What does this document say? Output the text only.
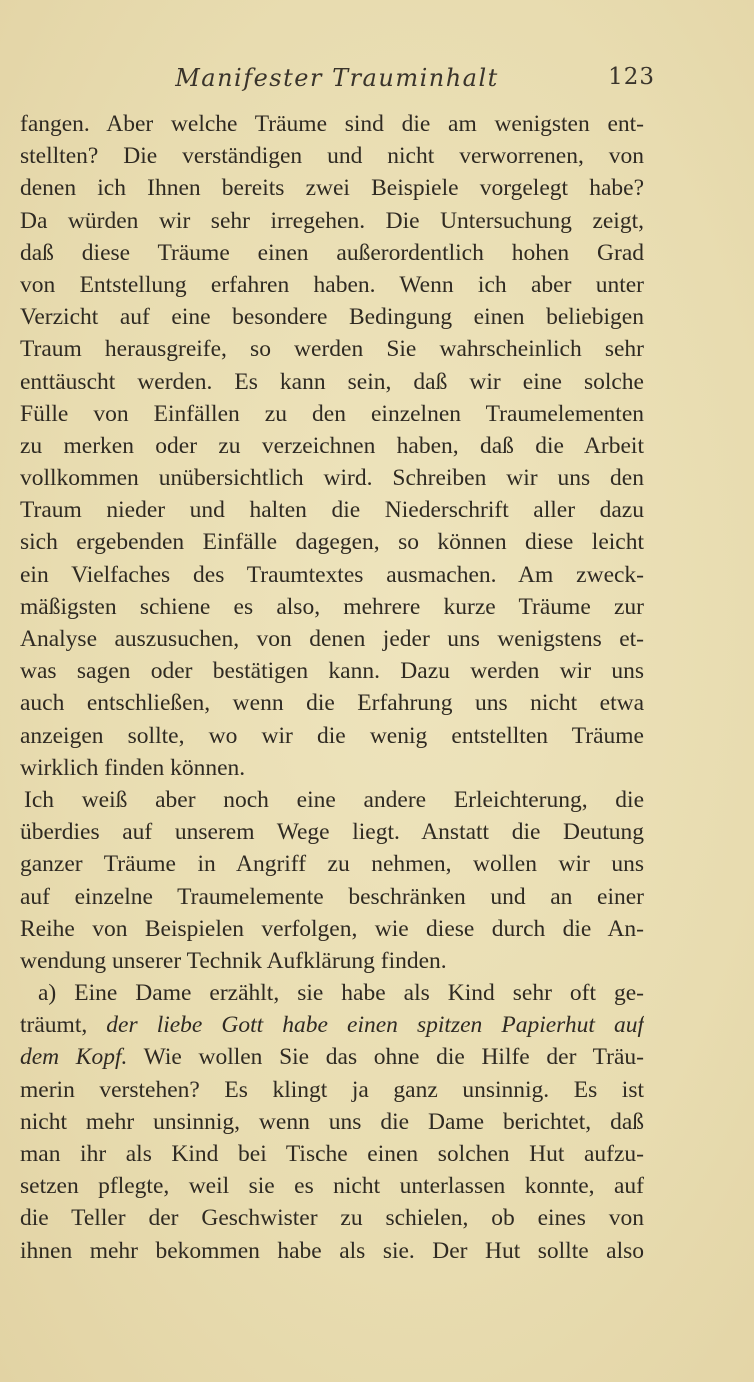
Manifester Trauminhalt	123
fangen. Aber welche Träume sind die am wenigsten ent-
stellten? Die verständigen und nicht verworrenen, von
denen ich Ihnen bereits zwei Beispiele vorgelegt habe?
Da würden wir sehr irregehen. Die Untersuchung zeigt,
daß diese Träume einen außerordentlich hohen Grad
von Entstellung erfahren haben. Wenn ich aber unter
Verzicht auf eine besondere Bedingung einen beliebigen
Traum herausgreife, so werden Sie wahrscheinlich sehr
enttäuscht werden. Es kann sein, daß wir eine solche
Fülle von Einfällen zu den einzelnen Traumelementen
zu merken oder zu verzeichnen haben, daß die Arbeit
vollkommen unübersichtlich wird. Schreiben wir uns den
Traum nieder und halten die Niederschrift aller dazu
sich ergebenden Einfälle dagegen, so können diese leicht
ein Vielfaches des Traumtextes ausmachen. Am zweck-
mäßigsten schiene es also, mehrere kurze Träume zur
Analyse auszusuchen, von denen jeder uns wenigstens et-
was sagen oder bestätigen kann. Dazu werden wir uns
auch entschließen, wenn die Erfahrung uns nicht etwa
anzeigen sollte, wo wir die wenig entstellten Träume
wirklich finden können.
Ich weiß aber noch eine andere Erleichterung, die
überdies auf unserem Wege liegt. Anstatt die Deutung
ganzer Träume in Angriff zu nehmen, wollen wir uns
auf einzelne Traumelemente beschränken und an einer
Reihe von Beispielen verfolgen, wie diese durch die An-
wendung unserer Technik Aufklärung finden.
a) Eine Dame erzählt, sie habe als Kind sehr oft ge-
träumt, der liebe Gott habe einen spitzen Papierhut auf
dem Kopf. Wie wollen Sie das ohne die Hilfe der Träu-
merin verstehen? Es klingt ja ganz unsinnig. Es ist
nicht mehr unsinnig, wenn uns die Dame berichtet, daß
man ihr als Kind bei Tische einen solchen Hut aufzu-
setzen pflegte, weil sie es nicht unterlassen konnte, auf
die Teller der Geschwister zu schielen, ob eines von
ihnen mehr bekommen habe als sie. Der Hut sollte also
